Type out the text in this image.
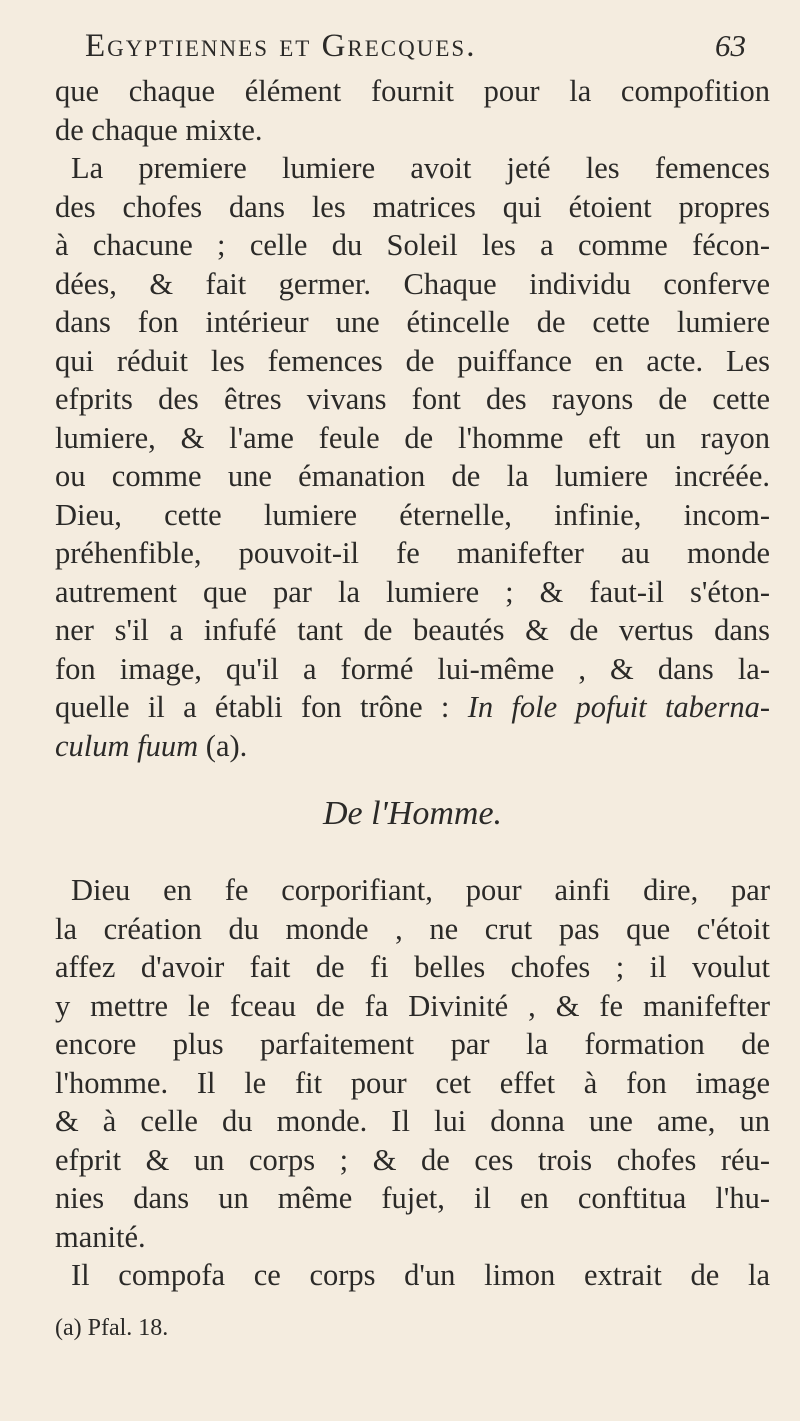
Egyptiennes et Grecques.	63
que chaque élément fournit pour la compofition
de chaque mixte.
La premiere lumiere avoit jeté les femences
des chofes dans les matrices qui étoient propres
à chacune ; celle du Soleil les a comme fécon-
dées, & fait germer. Chaque individu conferve
dans fon intérieur une étincelle de cette lumiere
qui réduit les femences de puiffance en acte. Les
efprits des êtres vivans font des rayons de cette
lumiere, & l'ame feule de l'homme eft un rayon
ou comme une émanation de la lumiere incréée.
Dieu, cette lumiere éternelle, infinie, incom-
préhenfible, pouvoit-il fe manifefter au monde
autrement que par la lumiere ; & faut-il s'éton-
ner s'il a infufé tant de beautés & de vertus dans
fon image, qu'il a formé lui-même , & dans la-
quelle il a établi fon trône : In fole pofuit taberna-
culum fuum (a).
De l'Homme.
Dieu en fe corporifiant, pour ainfi dire, par
la création du monde , ne crut pas que c'étoit
affez d'avoir fait de fi belles chofes ; il voulut
y mettre le fceau de fa Divinité , & fe manifefter
encore plus parfaitement par la formation de
l'homme. Il le fit pour cet effet à fon image
& à celle du monde. Il lui donna une ame, un
efprit & un corps ; & de ces trois chofes réu-
nies dans un même fujet, il en conftitua l'hu-
manité.
Il compofa ce corps d'un limon extrait de la
(a) Pfal. 18.
